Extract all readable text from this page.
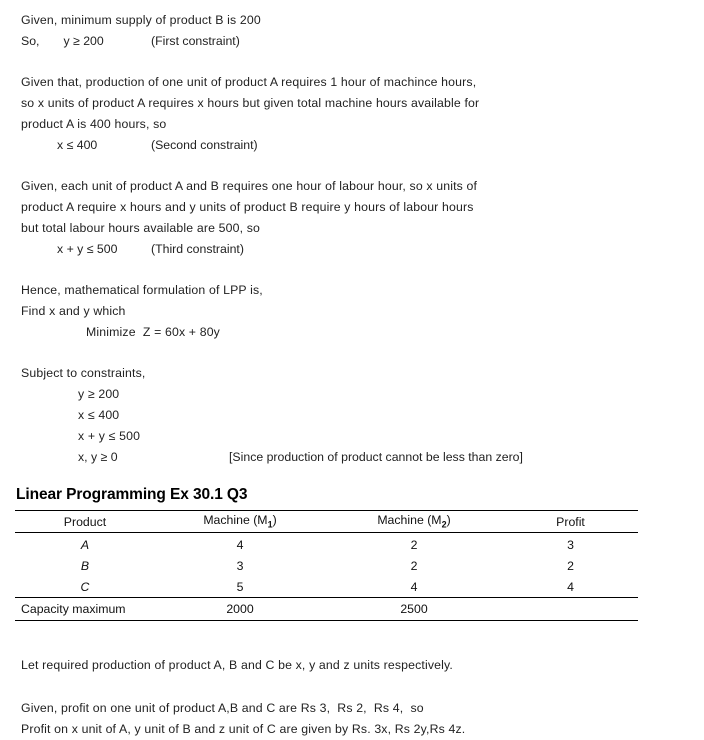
Given, minimum supply of product B is 200
So, y ≥ 200	(First constraint)
Given that, production of one unit of product A requires 1 hour of machince hours,
so x units of product A requires x hours but given total machine hours available for
product A is 400 hours, so
x ≤ 400	(Second constraint)
Given, each unit of product A and B requires one hour of labour hour, so x units of
product A require x hours and y units of product B require y hours of labour hours
but total labour hours available are 500, so
x + y ≤ 500	(Third constraint)
Hence, mathematical formulation of LPP is,
Find x and y which
Minimize  Z = 60x + 80y
Subject to constraints,
y ≥ 200
x ≤ 400
x + y ≤ 500
x, y ≥ 0	[Since production of product cannot be less than zero]
Linear Programming Ex 30.1 Q3
Product	Machine $(M_1)$	Machine $(M_2)$	Profit
A	4	2	3
B	3	2	2
C	5	4	4
Capacity maximum	2000	2500	
Let required production of product A, B and C be x, y and z units respectively.
Given, profit on one unit of product A,B and C are Rs 3,  Rs 2,  Rs 4,  so
Profit on x unit of A, y unit of B and z unit of C are given by Rs. 3x, Rs 2y,Rs 4z.
